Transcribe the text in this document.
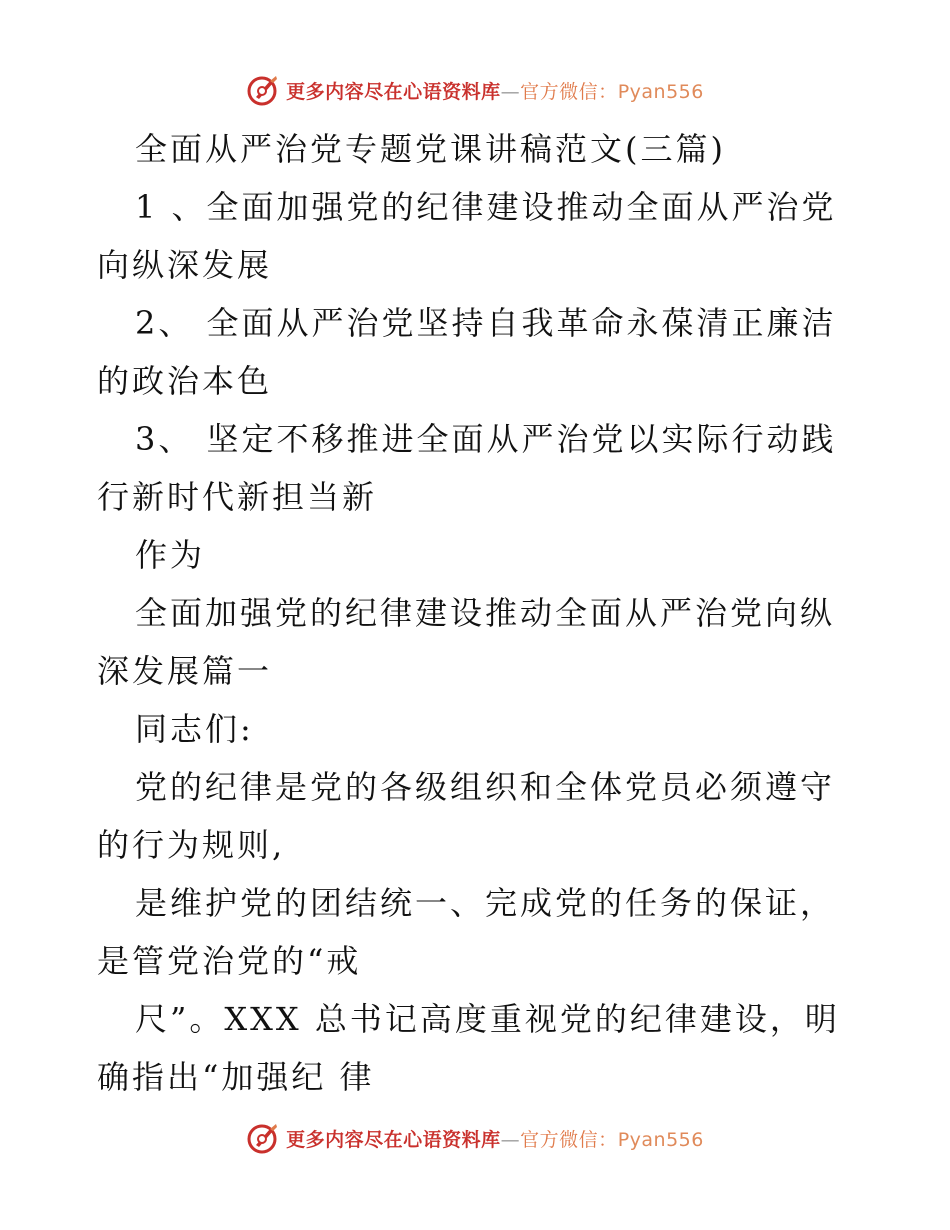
更多内容尽在心语资料库—官方微信：Pyan556

全面从严治党专题党课讲稿范文(三篇)

1 、全面加强党的纪律建设推动全面从严治党向纵深发展

2、 全面从严治党坚持自我革命永葆清正廉洁的政治本色

3、 坚定不移推进全面从严治党以实际行动践行新时代新担当新

作为

全面加强党的纪律建设推动全面从严治党向纵深发展篇一

同志们:

党的纪律是党的各级组织和全体党员必须遵守的行为规则,

是维护党的团结统一、完成党的任务的保证，是管党治党的“戒

尺”。XXX 总书记高度重视党的纪律建设，明确指出“加强纪 律

更多内容尽在心语资料库—官方微信：Pyan556
